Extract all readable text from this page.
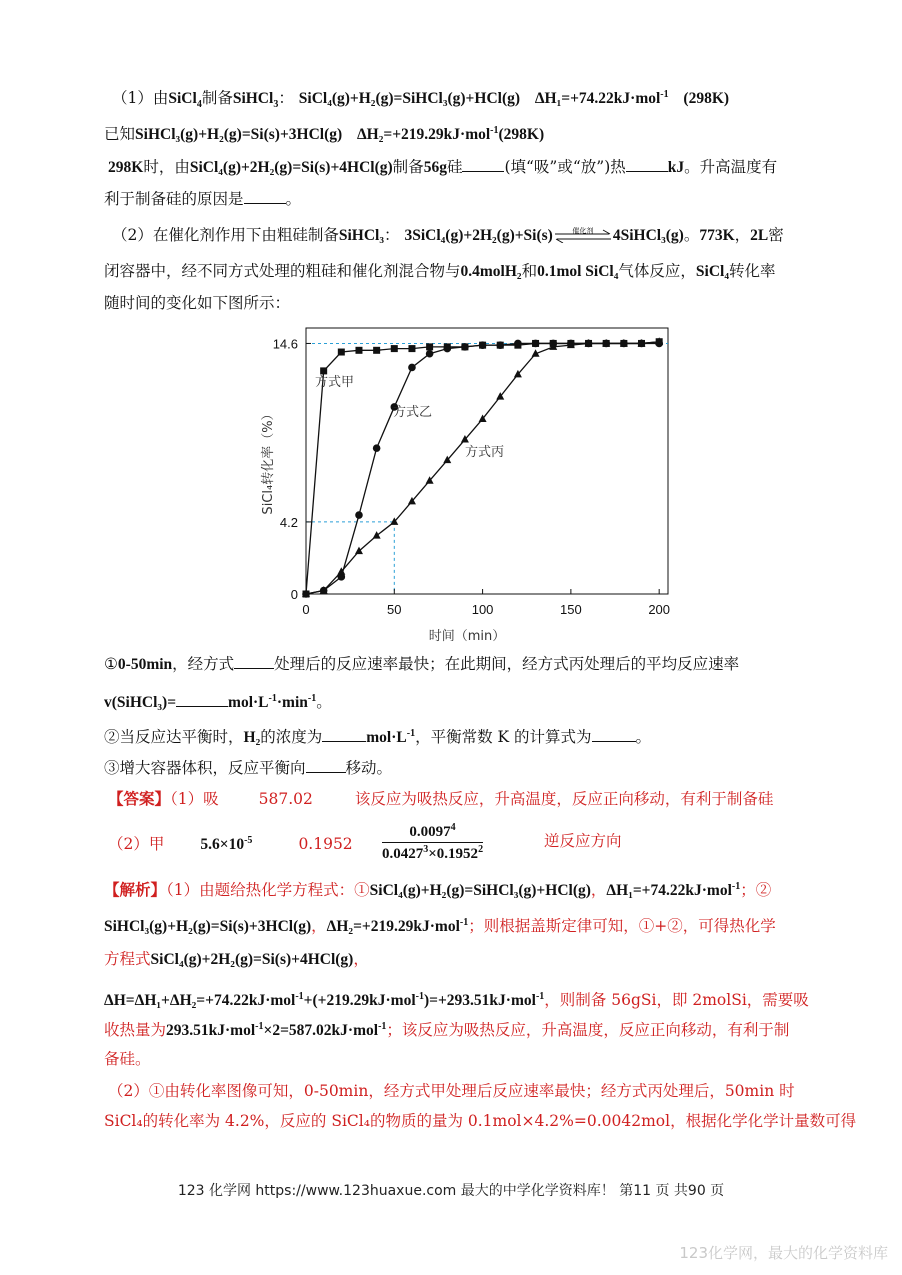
（1）由SiCl$_4$制备SiHCl$_3$： SiCl₄(g)+H₂(g)=SiHCl₃(g)+HCl(g) ΔH₁=+74.22kJ·mol$^{-1}$ (298K)
已知SiHCl₃(g)+H₂(g)=Si(s)+3HCl(g) ΔH₂=+219.29kJ·mol$^{-1}$(298K)
298K时，由SiCl₄(g)+2H₂(g)=Si(s)+4HCl(g)制备56g硅	(填“吸”或“放”)热	kJ。升高温度有
利于制备硅的原因是	。
（2）在催化剂作用下由粗硅制备SiHCl₃： 3SiCl₄(g)+2H₂(g)+Si(s)	催化剂	4SiHCl₃(g)。773K，2L密
闭容器中，经不同方式处理的粗硅和催化剂混合物与0.4molH₂和0.1mol SiCl₄气体反应，SiCl₄转化率
随时间的变化如下图所示：
0	50	100	150	200
0
4.2
14.6
时间（min）
SiCl₄转化率（%）
方式甲
方式乙
方式丙
①0-50min，经方式	处理后的反应速率最快；在此期间，经方式丙处理后的平均反应速率
v(SiHCl₃)=	$mol\cdot L^{-1}\cdot\min^{-1}$。
②当反应达平衡时，H₂的浓度为	$mol\cdot L^{-1}$，平衡常数 K 的计算式为	。
③增大容器体积，反应平衡向	移动。
【答案】（1）吸	587.02	该反应为吸热反应，升高温度，反应正向移动，有利于制备硅
（2）甲 $5.6\times 10^{-5}$	$0.1952 \frac{0.0097^4}{0.0427^3\times 0.1952^2}$	逆反应方向
【解析】（1）由题给热化学方程式：①SiCl₄(g)+H₂(g)=SiHCl₃(g)+HCl(g)，ΔH₁=+74.22kJ·mol$^{-1}$；②
SiHCl₃(g)+H₂(g)=Si(s)+3HCl(g)，ΔH₂=+219.29kJ·mol$^{-1}$；则根据盖斯定律可知，①+②，可得热化学
方程式SiCl₄(g)+2H₂(g)=Si(s)+4HCl(g)，
ΔH=ΔH₁+ΔH₂=+74.22kJ·mol$^{-1}$+(+219.29kJ·mol$^{-1}$)=+293.51kJ·mol$^{-1}$，则制备 56gSi，即 2molSi，需要吸
收热量为293.51kJ·mol$^{-1}$×2=587.02kJ·mol$^{-1}$；该反应为吸热反应，升高温度，反应正向移动，有利于制
备硅。
（2）①由转化率图像可知，0-50min，经方式甲处理后反应速率最快；经方式丙处理后，50min 时
SiCl₄的转化率为 4.2%，反应的 SiCl₄的物质的量为 0.1mol×4.2%=0.0042mol，根据化学化学计量数可得
123 化学网 https://www.123huaxue.com 最大的中学化学资料库！ 第11 页 共90 页
123化学网，最大的化学资料库
